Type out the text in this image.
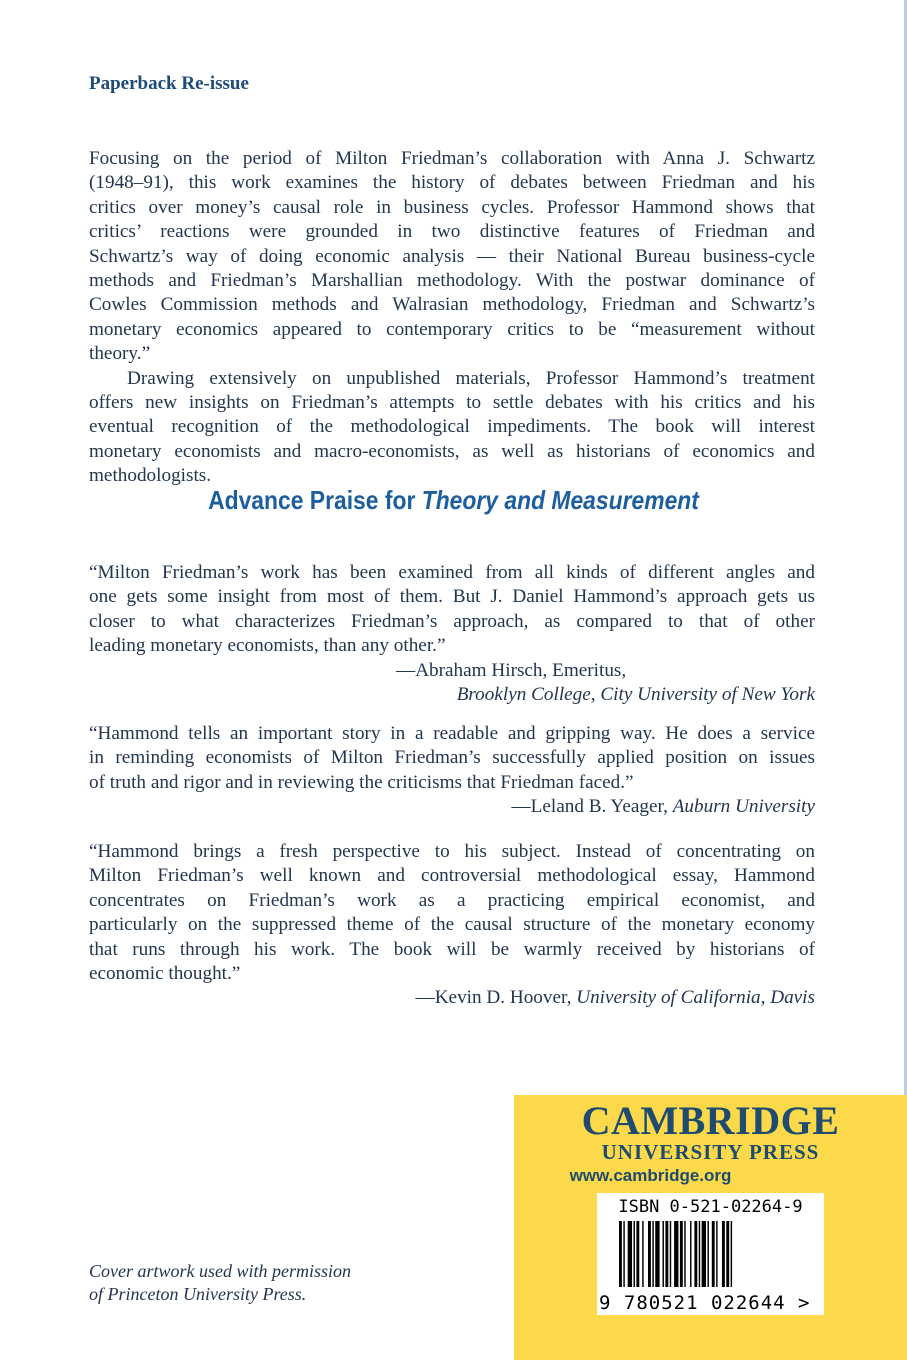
Paperback Re-issue
Focusing on the period of Milton Friedman’s collaboration with Anna J. Schwartz
(1948–91), this work examines the history of debates between Friedman and his
critics over money’s causal role in business cycles. Professor Hammond shows that
critics’ reactions were grounded in two distinctive features of Friedman and
Schwartz’s way of doing economic analysis — their National Bureau business-cycle
methods and Friedman’s Marshallian methodology. With the postwar dominance of
Cowles Commission methods and Walrasian methodology, Friedman and Schwartz’s
monetary economics appeared to contemporary critics to be “measurement without
theory.”
Drawing extensively on unpublished materials, Professor Hammond’s treatment
offers new insights on Friedman’s attempts to settle debates with his critics and his
eventual recognition of the methodological impediments. The book will interest
monetary economists and macro-economists, as well as historians of economics and
methodologists.
Advance Praise for Theory and Measurement
“Milton Friedman’s work has been examined from all kinds of different angles and
one gets some insight from most of them. But J. Daniel Hammond’s approach gets us
closer to what characterizes Friedman’s approach, as compared to that of other
leading monetary economists, than any other.”
—Abraham Hirsch, Emeritus,
Brooklyn College, City University of New York
“Hammond tells an important story in a readable and gripping way. He does a service
in reminding economists of Milton Friedman’s successfully applied position on issues
of truth and rigor and in reviewing the criticisms that Friedman faced.”
—Leland B. Yeager, Auburn University
“Hammond brings a fresh perspective to his subject. Instead of concentrating on
Milton Friedman’s well known and controversial methodological essay, Hammond
concentrates on Friedman’s work as a practicing empirical economist, and
particularly on the suppressed theme of the causal structure of the monetary economy
that runs through his work. The book will be warmly received by historians of
economic thought.”
—Kevin D. Hoover, University of California, Davis
Cover artwork used with permission
of Princeton University Press.
CAMBRIDGE
UNIVERSITY PRESS
www.cambridge.org
ISBN 0-521-02264-9
9 780521 022644 >
